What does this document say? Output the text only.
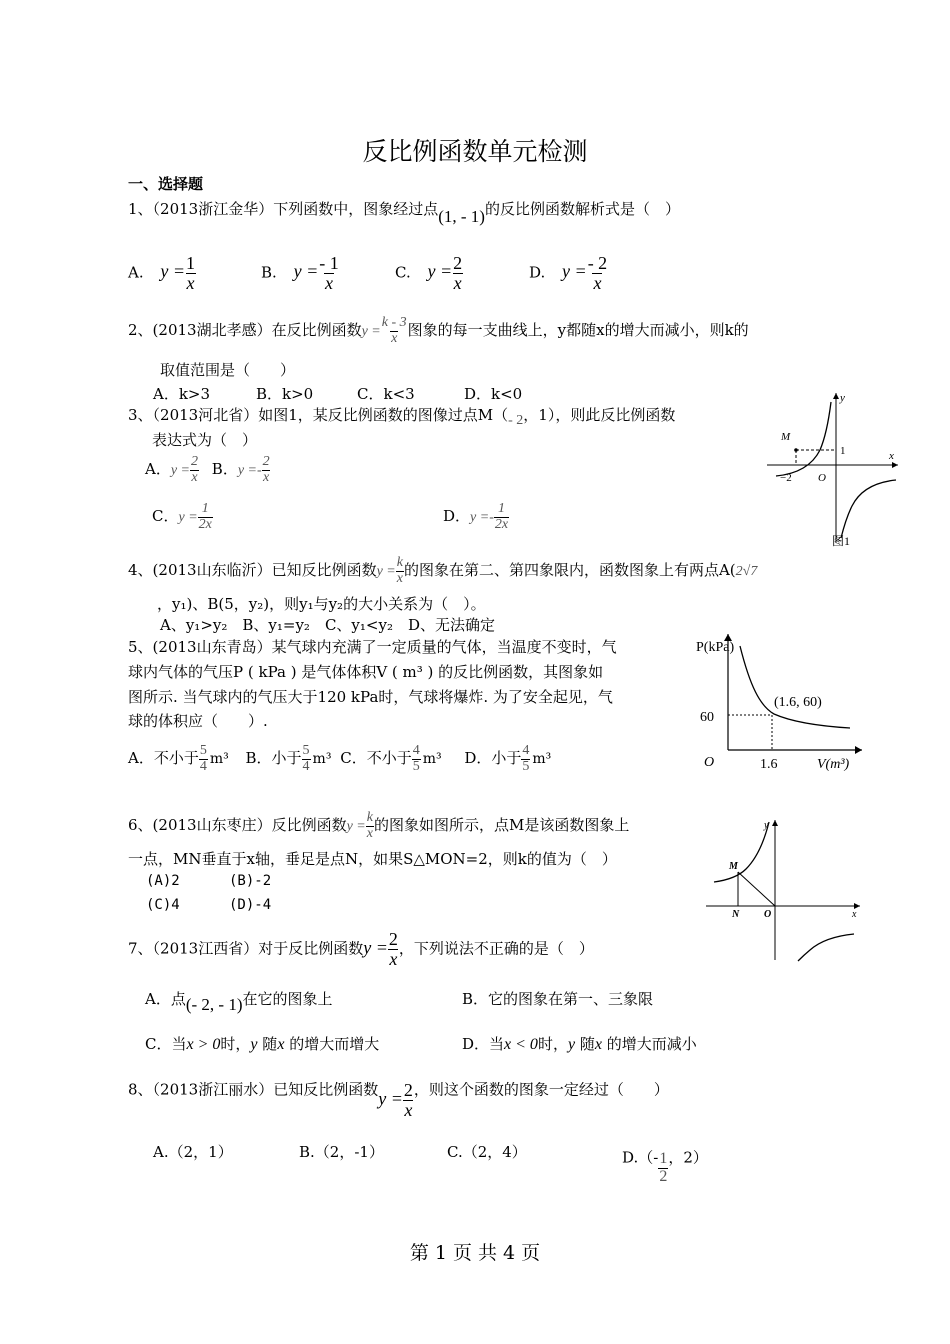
反比例函数单元检测
一、选择题
1、（2013浙江金华）下列函数中，图象经过点(1, - 1)的反比例函数解析式是（　）
A. $y = \frac{1}{x}$	B. $y = \frac{- 1}{x}$	C. $y = \frac{2}{x}$	D. $y = \frac{- 2}{x}$
2、(2013湖北孝感）在反比例函数$y = \frac{k - 3}{x}$ 图象的每一支曲线上，y都随x的增大而减小，则k的
取值范围是（　　）
A．k>3	B．k>0	C．k<3	D．k<0
3、（2013河北省）如图1，某反比例函数的图像过点M（- 2，1），则此反比例函数
表达式为（　）
A．$y = \frac{2}{x}$ B．$y =- \frac{2}{x}$
C．$y = \frac{1}{2x}$	D．$y =- \frac{1}{2x}$
M
1	x
y
−2 O
图1
4、(2013山东临沂）已知反比例函数$y = \frac{k}{x}$ 的图象在第二、第四象限内，函数图象上有两点A(2√7
，y₁)、B(5，y₂)，则y₁与y₂的大小关系为（　）。
A、y₁>y₂　B、y₁=y₂　C、y₁<y₂　D、无法确定
5、(2013山东青岛）某气球内充满了一定质量的气体，当温度不变时，气
球内气体的气压P ( kPa ) 是气体体积V ( m³ ) 的反比例函数，其图象如
图所示. 当气球内的气压大于120 kPa时，气球将爆炸. 为了安全起见，气
球的体积应（　　）.
A．不小于 $\frac{5}{4} m^3$ B．小于 $\frac{5}{4} m^3$ C．不小于 $\frac{4}{5} m^3$ D．小于 $\frac{4}{5} m^3$
P(kPa)
V(m³)
(1.6, 60)
60
1.6
O
6、(2013山东枣庄）反比例函数$y = \frac{k}{x}$ 的图象如图所示，点M是该函数图象上
一点，MN垂直于x轴，垂足是点N，如果S△MON=2，则k的值为（　）
(A)2	(B)-2
(C)4	(D)-4
M
N O	x
y
7、（2013江西省）对于反比例函数$y = \frac{2}{x}$ ，下列说法不正确的是（　）
A．点(- 2, - 1)在它的图象上	B．它的图象在第一、三象限
C．当x > 0时，y 随x 的增大而增大	D．当x < 0时，y 随x 的增大而减小
8、（2013浙江丽水）已知反比例函数$y = \frac{2}{x}$ ，则这个函数的图象一定经过（　　）
A.（2，1）	B.（2，-1）	C.（2，4）	$D.(- \frac{1}{2}$ ，2）
第 1 页 共 4 页
